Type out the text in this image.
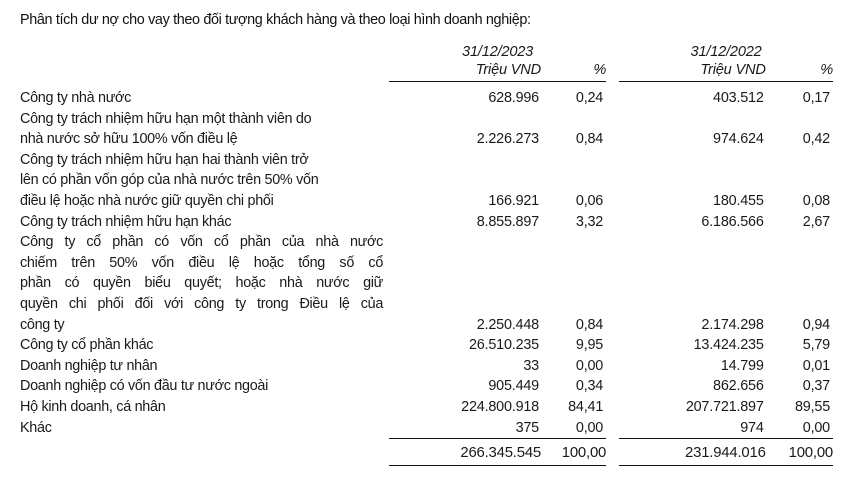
Phân tích dư nợ cho vay theo đối tượng khách hàng và theo loại hình doanh nghiệp:
	31/12/2023			31/12/2022	
	Triệu VND	%		Triệu VND	%

Công ty nhà nước	628.996	0,24		403.512	0,17

Công ty trách nhiệm hữu hạn một thành viên do
nhà nước sở hữu 100% vốn điều lệ	2.226.273	0,84		974.624	0,42

Công ty trách nhiệm hữu hạn hai thành viên trở
lên có phần vốn góp của nhà nước trên 50% vốn
điều lệ hoặc nhà nước giữ quyền chi phối	166.921	0,06		180.455	0,08

Công ty trách nhiệm hữu hạn khác	8.855.897	3,32		6.186.566	2,67

Công ty cổ phần có vốn cổ phần của nhà nước
chiếm trên 50% vốn điều lệ hoặc tổng số cổ
phần có quyền biểu quyết; hoặc nhà nước giữ
quyền chi phối đối với công ty trong Điều lệ của
công ty	2.250.448	0,84		2.174.298	0,94

Công ty cổ phần khác	26.510.235	9,95		13.424.235	5,79

Doanh nghiệp tư nhân	33	0,00		14.799	0,01

Doanh nghiệp có vốn đầu tư nước ngoài	905.449	0,34		862.656	0,37

Hộ kinh doanh, cá nhân	224.800.918	84,41		207.721.897	89,55

Khác	375	0,00		974	0,00
	266.345.545	100,00		231.944.016	100,00
